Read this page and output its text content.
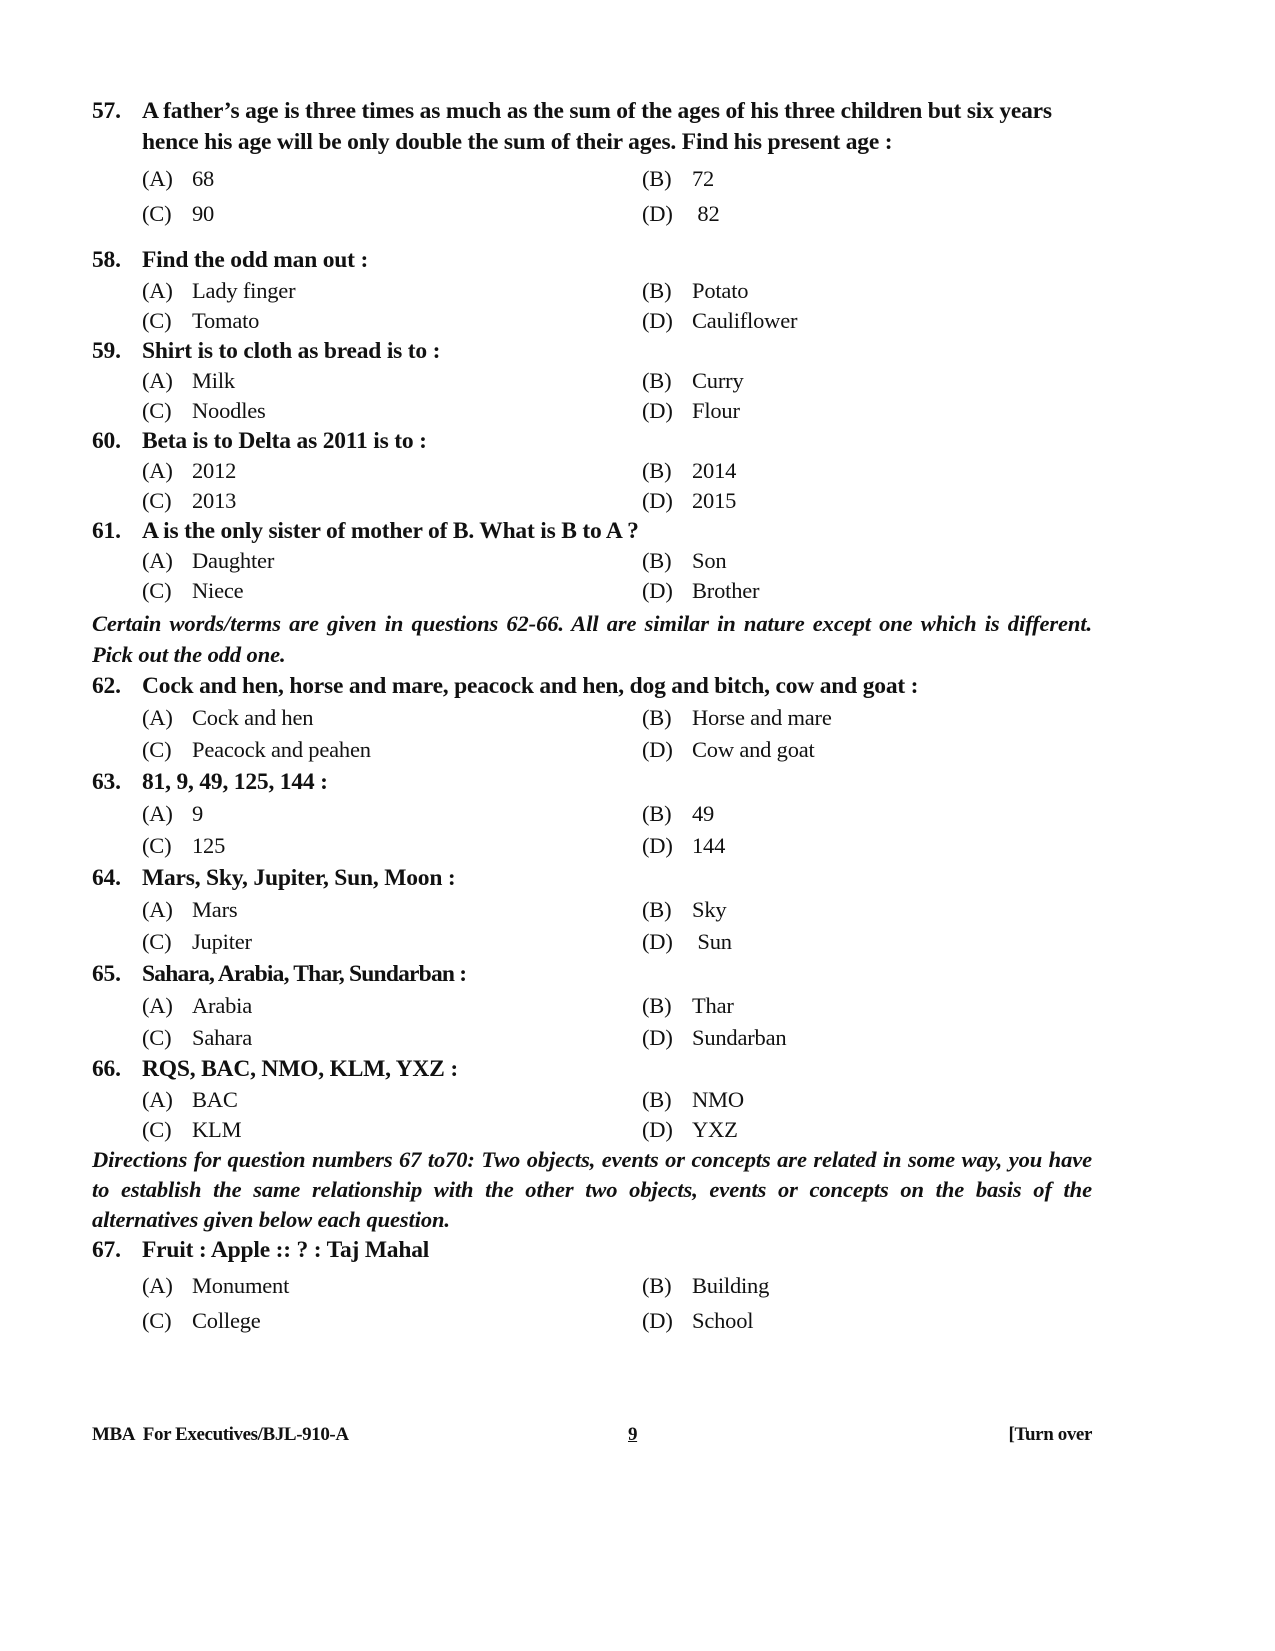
57. A father’s age is three times as much as the sum of the ages of his three children but six years hence his age will be only double the sum of their ages. Find his present age :
(A) 68	(B) 72
(C) 90	(D) 82
58. Find the odd man out :
(A) Lady finger	(B) Potato
(C) Tomato	(D) Cauliflower
59. Shirt is to cloth as bread is to :
(A) Milk	(B) Curry
(C) Noodles	(D) Flour
60. Beta is to Delta as 2011 is to :
(A) 2012	(B) 2014
(C) 2013	(D) 2015
61. A is the only sister of mother of B. What is B to A ?
(A) Daughter	(B) Son
(C) Niece	(D) Brother
Certain words/terms are given in questions 62-66. All are similar in nature except one which is different. Pick out the odd one.
62. Cock and hen, horse and mare, peacock and hen, dog and bitch, cow and goat :
(A) Cock and hen	(B) Horse and mare
(C) Peacock and peahen	(D) Cow and goat
63. 81, 9, 49, 125, 144 :
(A) 9	(B) 49
(C) 125	(D) 144
64. Mars, Sky, Jupiter, Sun, Moon :
(A) Mars	(B) Sky
(C) Jupiter	(D) Sun
65. Sahara, Arabia, Thar, Sundarban :
(A) Arabia	(B) Thar
(C) Sahara	(D) Sundarban
66. RQS, BAC, NMO, KLM, YXZ :
(A) BAC	(B) NMO
(C) KLM	(D) YXZ
Directions for question numbers 67 to70: Two objects, events or concepts are related in some way, you have to establish the same relationship with the other two objects, events or concepts on the basis of the alternatives given below each question.
67. Fruit : Apple :: ? : Taj Mahal
(A) Monument	(B) Building
(C) College	(D) School
MBA  For Executives/BJL-910-A	9	[Turn over
